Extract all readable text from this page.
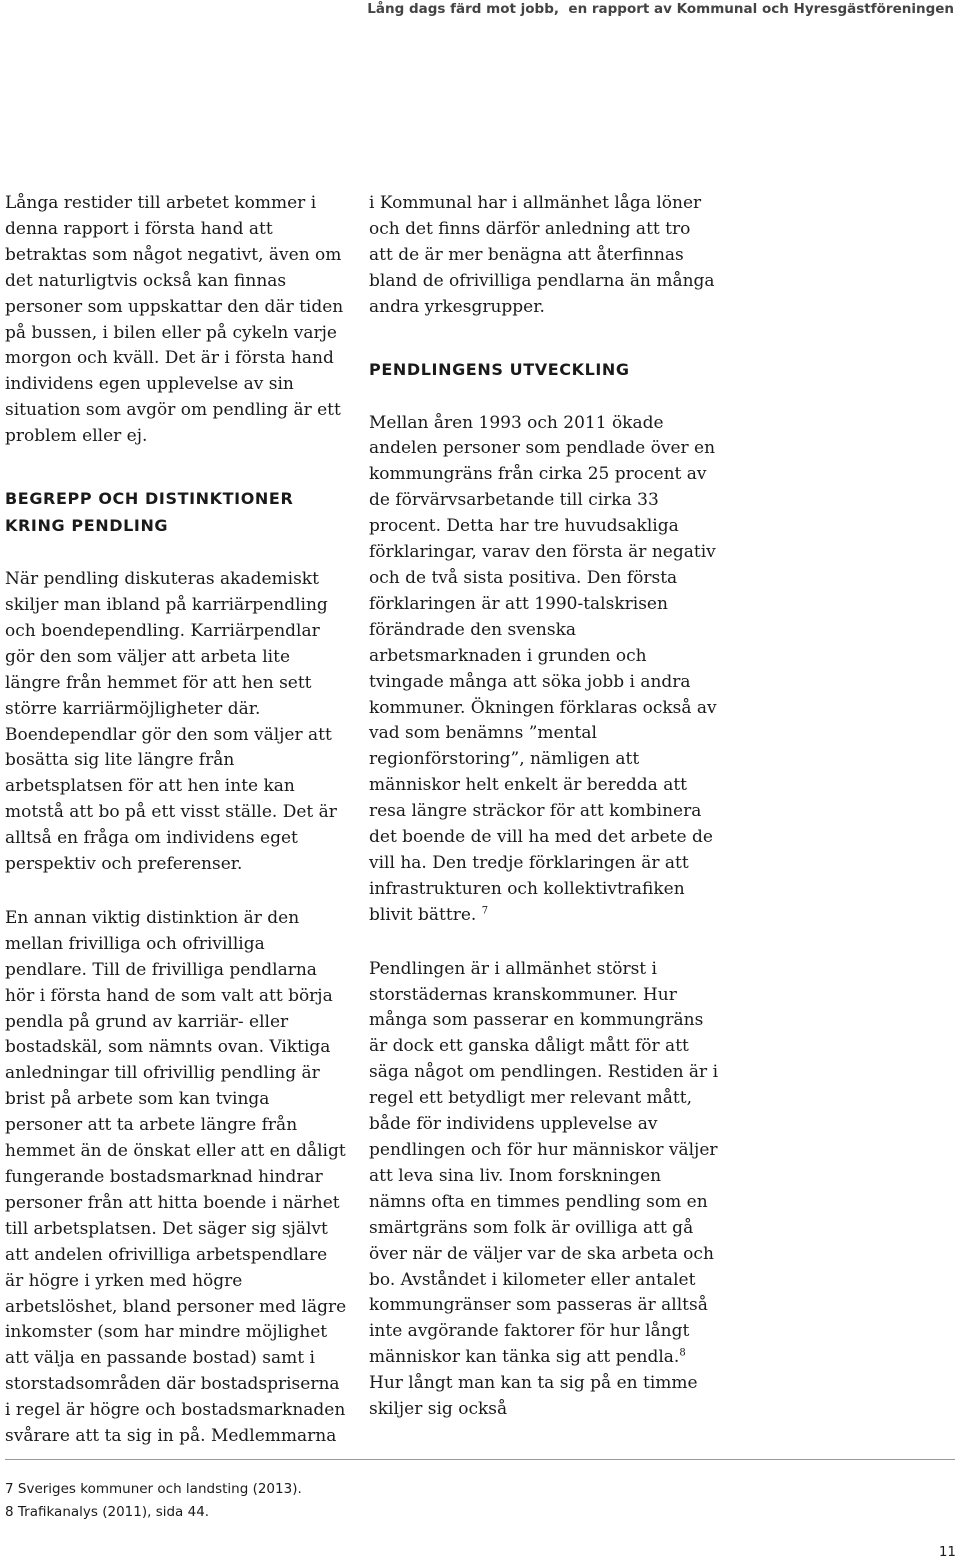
Lång dags färd mot jobb,  en rapport av Kommunal och Hyresgästföreningen

Långa restider till arbetet kommer i denna rapport i första hand att betraktas som något negativt, även om det naturligtvis också kan finnas personer som uppskattar den där tiden på bussen, i bilen eller på cykeln varje morgon och kväll. Det är i första hand individens egen upplevelse av sin situation som avgör om pendling är ett problem eller ej.

BEGREPP OCH DISTINKTIONER
KRING PENDLING

När pendling diskuteras akademiskt skiljer man ibland på karriärpendling och boendependling. Karriärpendlar gör den som väljer att arbeta lite längre från hemmet för att hen sett större karriärmöjligheter där. Boendependlar gör den som väljer att bosätta sig lite längre från arbetsplatsen för att hen inte kan motstå att bo på ett visst ställe. Det är alltså en fråga om individens eget perspektiv och preferenser.

En annan viktig distinktion är den mellan frivilliga och ofrivilliga pendlare. Till de frivilliga pendlarna hör i första hand de som valt att börja pendla på grund av karriär- eller bostadskäl, som nämnts ovan. Viktiga anledningar till ofrivillig pendling är brist på arbete som kan tvinga personer att ta arbete längre från hemmet än de önskat eller att en dåligt fungerande bostadsmarknad hindrar personer från att hitta boende i närhet till arbetsplatsen. Det säger sig självt att andelen ofrivilliga arbetspendlare är högre i yrken med högre arbetslöshet, bland personer med lägre inkomster (som har mindre möjlighet att välja en passande bostad) samt i storstadsområden där bostadspriserna i regel är högre och bostadsmarknaden svårare att ta sig in på. Medlemmarna

i Kommunal har i allmänhet låga löner och det finns därför anledning att tro att de är mer benägna att återfinnas bland de ofrivilliga pendlarna än många andra yrkesgrupper.

PENDLINGENS UTVECKLING

Mellan åren 1993 och 2011 ökade andelen personer som pendlade över en kommungräns från cirka 25 procent av de förvärvsarbetande till cirka 33 procent. Detta har tre huvudsakliga förklaringar, varav den första är negativ och de två sista positiva. Den första förklaringen är att 1990-talskrisen förändrade den svenska arbetsmarknaden i grunden och tvingade många att söka jobb i andra kommuner. Ökningen förklaras också av vad som benämns ”mental regionförstoring”, nämligen att människor helt enkelt är beredda att resa längre sträckor för att kombinera det boende de vill ha med det arbete de vill ha. Den tredje förklaringen är att infrastrukturen och kollektivtrafiken blivit bättre. $^7$

Pendlingen är i allmänhet störst i storstädernas kranskommuner. Hur många som passerar en kommungräns är dock ett ganska dåligt mått för att säga något om pendlingen. Restiden är i regel ett betydligt mer relevant mått, både för individens upplevelse av pendlingen och för hur människor väljer att leva sina liv. Inom forskningen nämns ofta en timmes pendling som en smärtgräns som folk är ovilliga att gå över när de väljer var de ska arbeta och bo. Avståndet i kilometer eller antalet kommungränser som passeras är alltså inte avgörande faktorer för hur långt människor kan tänka sig att pendla.$^8$ Hur långt man kan ta sig på en timme skiljer sig också

7 Sveriges kommuner och landsting (2013).
8 Trafikanalys (2011), sida 44.
11
